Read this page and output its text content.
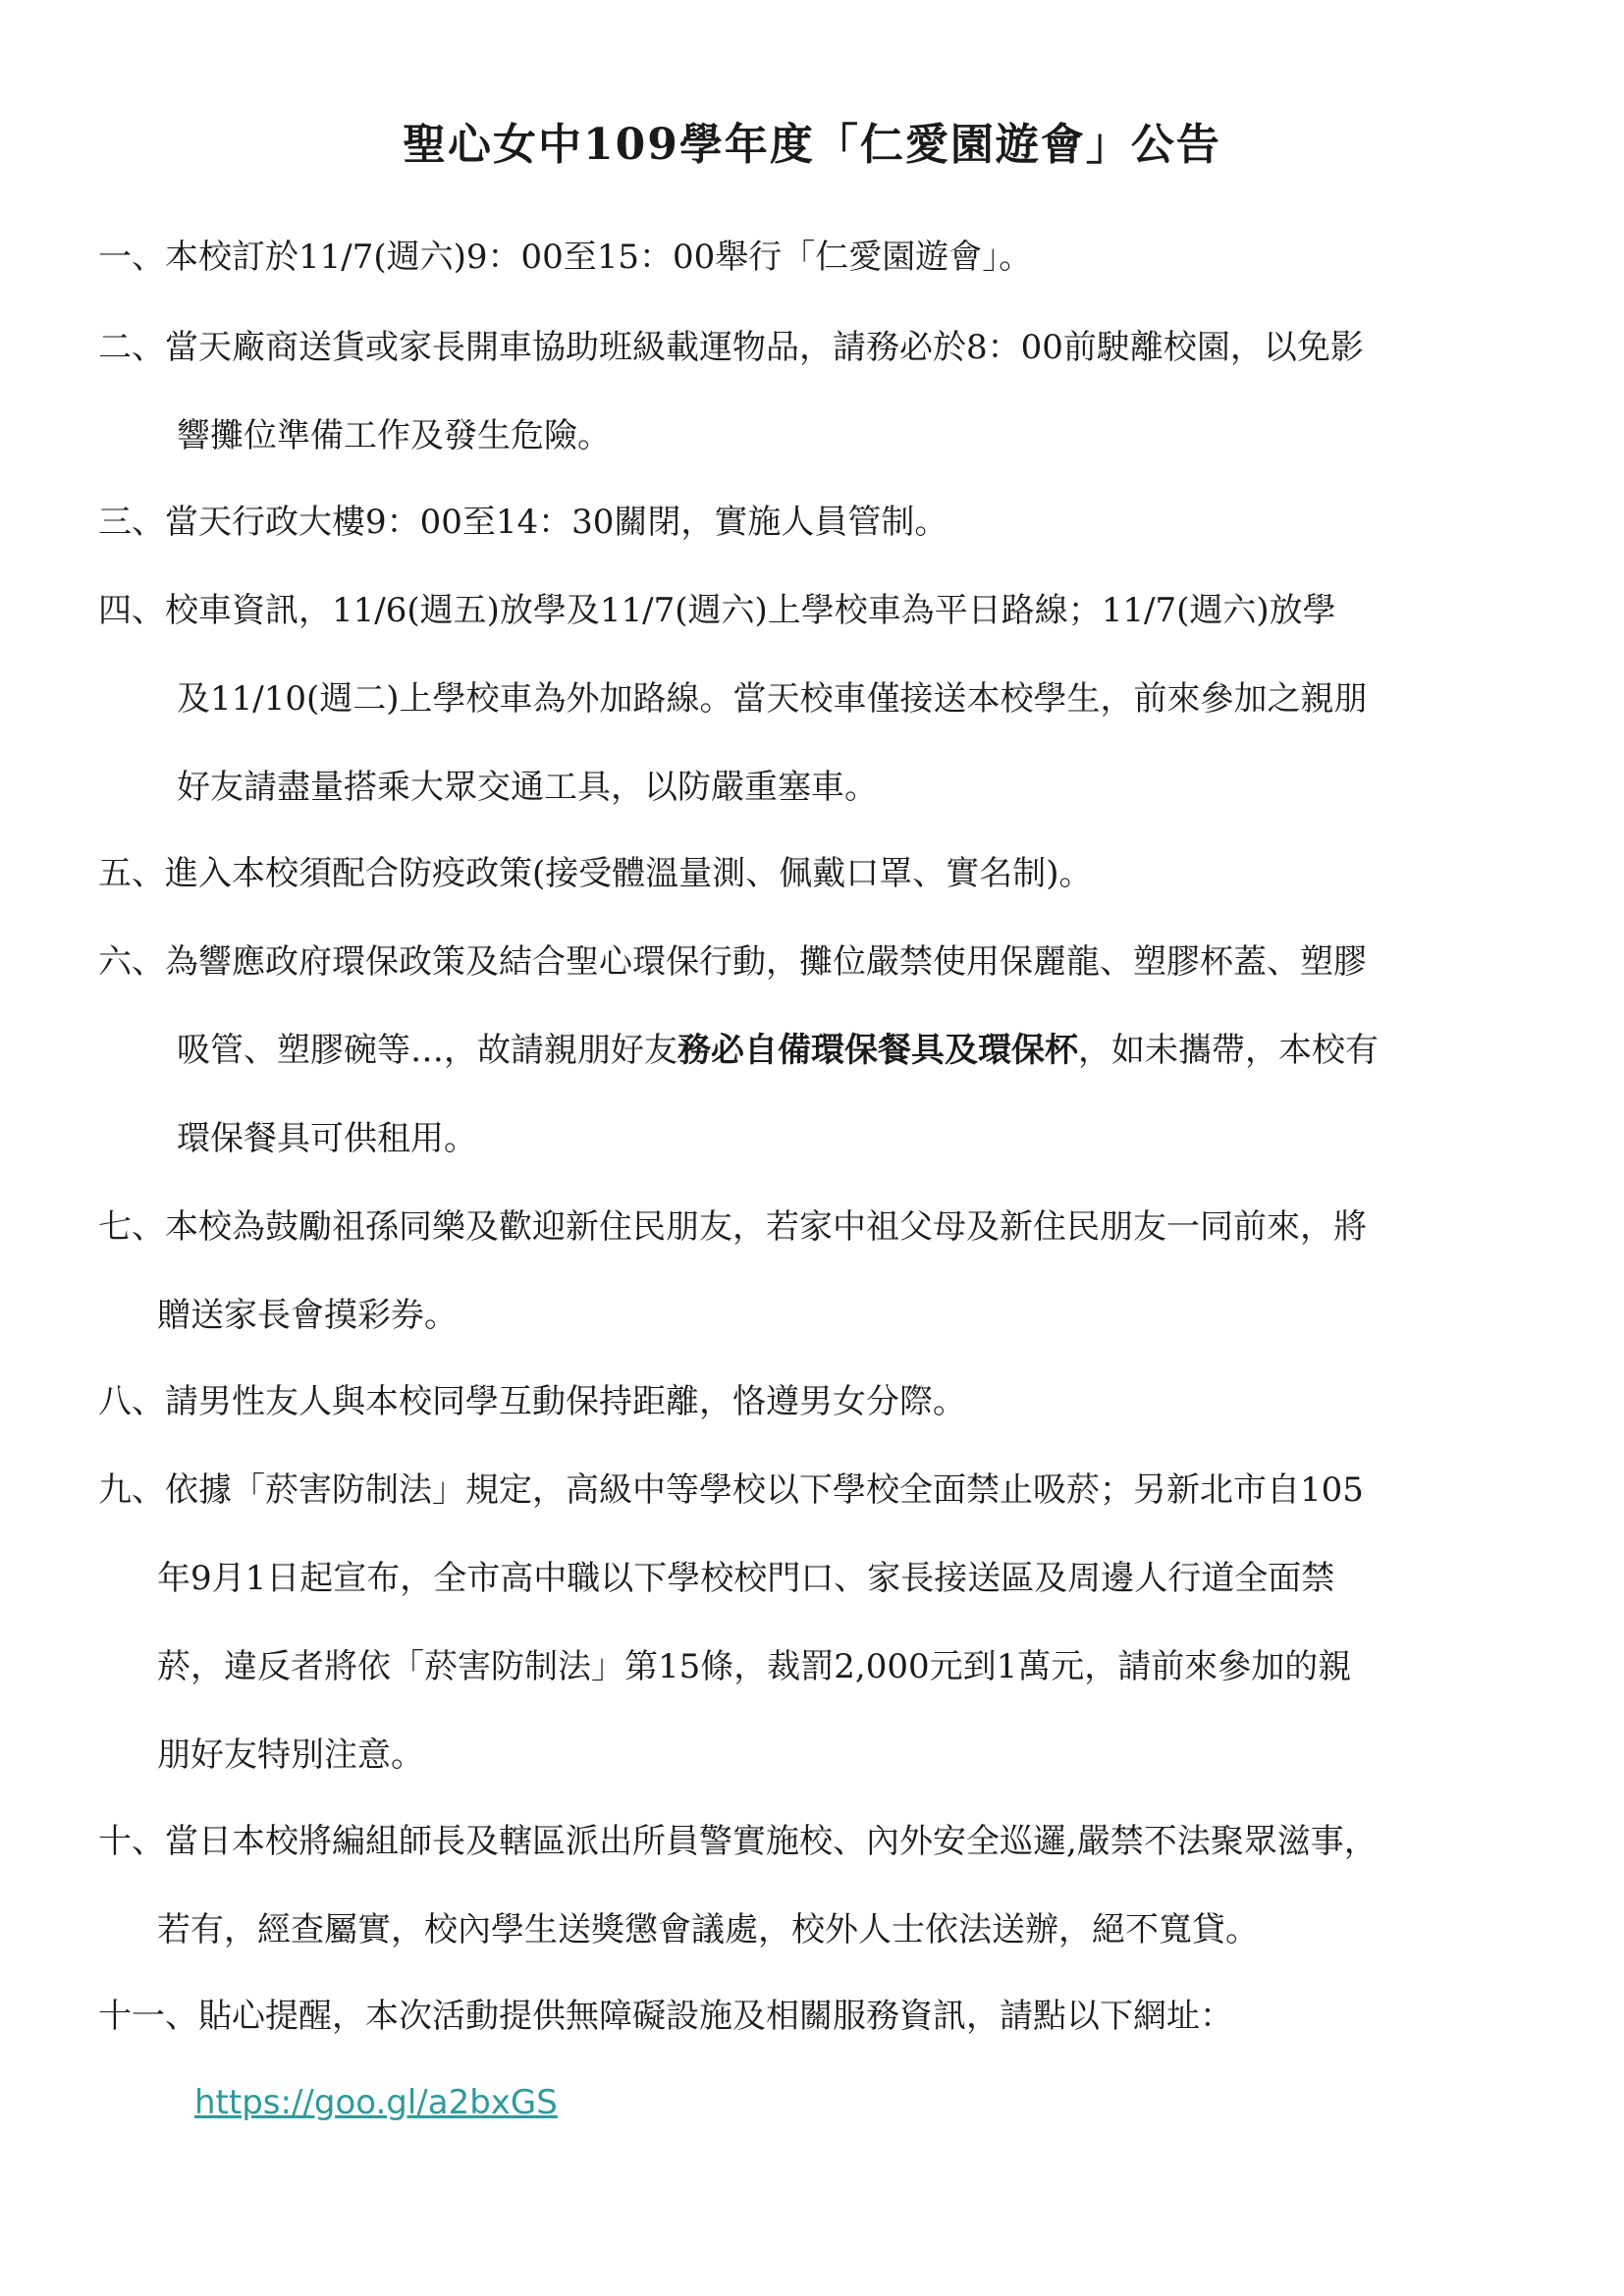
聖心女中109學年度「仁愛園遊會」公告
一、本校訂於11/7(週六)9：00至15：00舉行「仁愛園遊會」。
二、當天廠商送貨或家長開車協助班級載運物品，請務必於8：00前駛離校園，以免影
響攤位準備工作及發生危險。
三、當天行政大樓9：00至14：30關閉，實施人員管制。
四、校車資訊，11/6(週五)放學及11/7(週六)上學校車為平日路線；11/7(週六)放學
及11/10(週二)上學校車為外加路線。當天校車僅接送本校學生，前來參加之親朋
好友請盡量搭乘大眾交通工具，以防嚴重塞車。
五、進入本校須配合防疫政策(接受體溫量測、佩戴口罩、實名制)。
六、為響應政府環保政策及結合聖心環保行動，攤位嚴禁使用保麗龍、塑膠杯蓋、塑膠
吸管、塑膠碗等…，故請親朋好友務必自備環保餐具及環保杯，如未攜帶，本校有
環保餐具可供租用。
七、本校為鼓勵祖孫同樂及歡迎新住民朋友，若家中祖父母及新住民朋友一同前來，將
贈送家長會摸彩券。
八、請男性友人與本校同學互動保持距離，恪遵男女分際。
九、依據「菸害防制法」規定，高級中等學校以下學校全面禁止吸菸；另新北市自105
年9月1日起宣布，全市高中職以下學校校門口、家長接送區及周邊人行道全面禁
菸，違反者將依「菸害防制法」第15條，裁罰2,000元到1萬元，請前來參加的親
朋好友特別注意。
十、當日本校將編組師長及轄區派出所員警實施校、內外安全巡邏,嚴禁不法聚眾滋事，
若有，經查屬實，校內學生送獎懲會議處，校外人士依法送辦，絕不寬貸。
十一、貼心提醒，本次活動提供無障礙設施及相關服務資訊，請點以下網址：
https://goo.gl/a2bxGS
